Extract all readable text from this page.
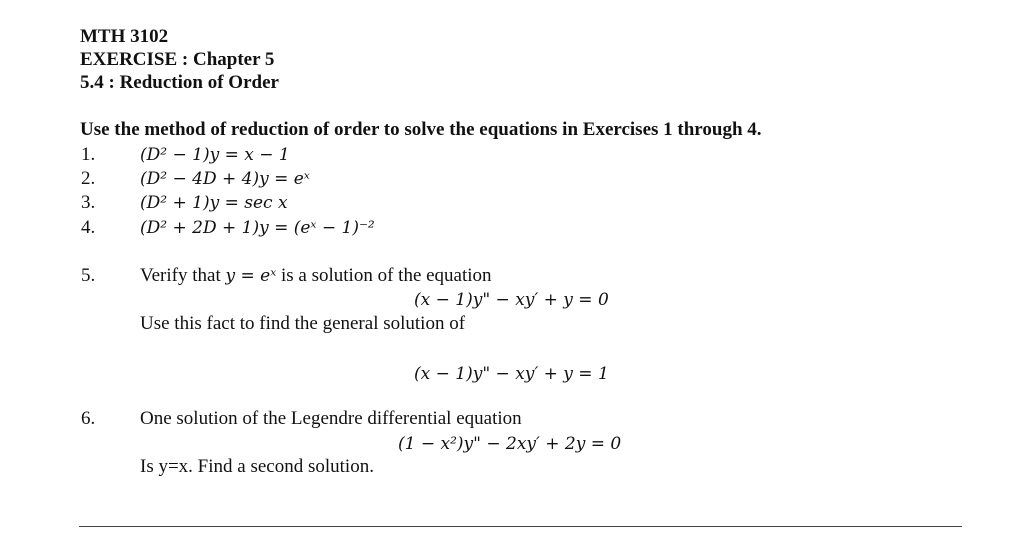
MTH 3102
EXERCISE : Chapter 5
5.4 : Reduction of Order
Use the method of reduction of order to solve the equations in Exercises 1 through 4.
1.	(D² − 1)y = x − 1
2.	(D² − 4D + 4)y = eˣ
3.	(D² + 1)y = sec x
4.	(D² + 2D + 1)y = (eˣ − 1)⁻²
5. Verify that y = eˣ is a solution of the equation
(x − 1)y" − xy′ + y = 0
Use this fact to find the general solution of
(x − 1)y" − xy′ + y = 1
6. One solution of the Legendre differential equation
(1 − x²)y" − 2xy′ + 2y = 0
Is y=x. Find a second solution.
